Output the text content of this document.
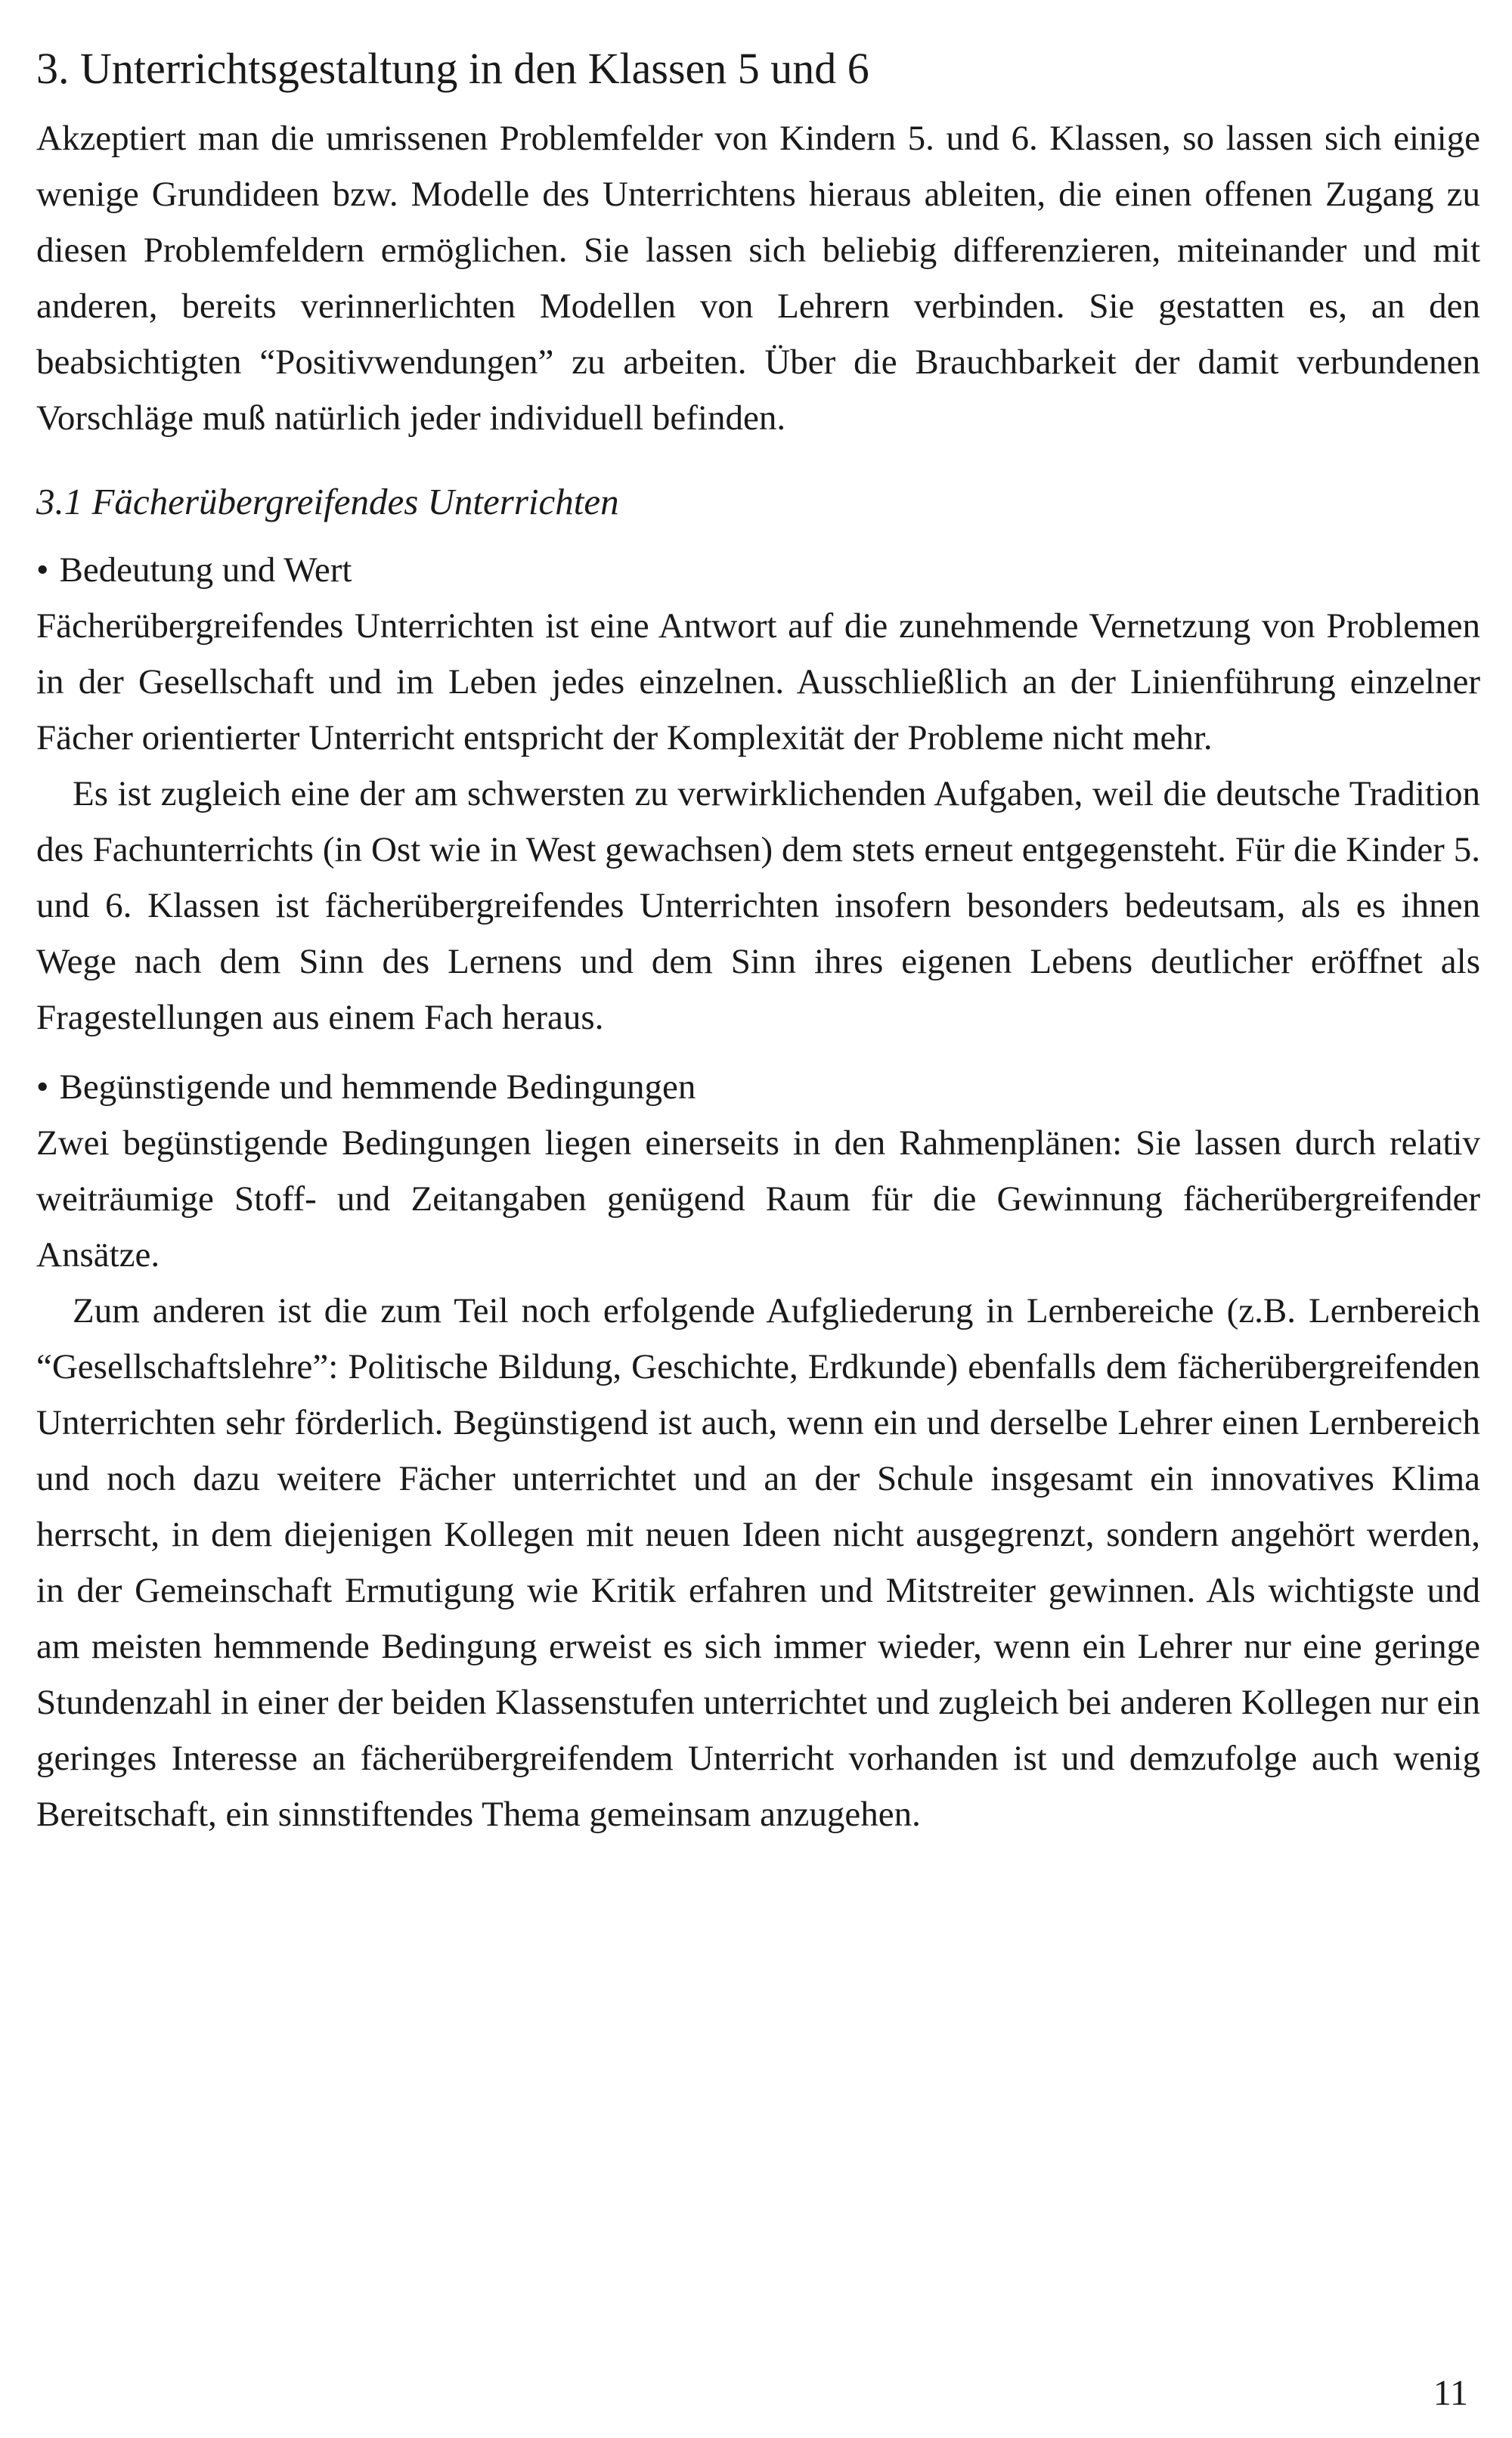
3. Unterrichtsgestaltung in den Klassen 5 und 6

Akzeptiert man die umrissenen Problemfelder von Kindern 5. und 6. Klassen, so lassen sich einige wenige Grundideen bzw. Modelle des Unterrichtens hieraus ableiten, die einen offenen Zugang zu diesen Problemfeldern ermöglichen. Sie lassen sich beliebig differenzieren, miteinander und mit anderen, bereits verinnerlichten Modellen von Lehrern verbinden. Sie gestatten es, an den beabsichtigten “Positivwendungen” zu arbeiten. Über die Brauchbarkeit der damit verbundenen Vorschläge muß natürlich jeder individuell befinden.

3.1 Fächerübergreifendes Unterrichten
• Bedeutung und Wert

Fächerübergreifendes Unterrichten ist eine Antwort auf die zunehmende Vernetzung von Problemen in der Gesellschaft und im Leben jedes einzelnen. Ausschließlich an der Linienführung einzelner Fächer orientierter Unterricht entspricht der Komplexität der Probleme nicht mehr.

Es ist zugleich eine der am schwersten zu verwirklichenden Aufgaben, weil die deutsche Tradition des Fachunterrichts (in Ost wie in West gewachsen) dem stets erneut entgegensteht. Für die Kinder 5. und 6. Klassen ist fächerübergreifendes Unterrichten insofern besonders bedeutsam, als es ihnen Wege nach dem Sinn des Lernens und dem Sinn ihres eigenen Lebens deutlicher eröffnet als Fragestellungen aus einem Fach heraus.

• Begünstigende und hemmende Bedingungen

Zwei begünstigende Bedingungen liegen einerseits in den Rahmenplänen: Sie lassen durch relativ weiträumige Stoff- und Zeitangaben genügend Raum für die Gewinnung fächerübergreifender Ansätze.

Zum anderen ist die zum Teil noch erfolgende Aufgliederung in Lernbereiche (z.B. Lernbereich “Gesellschaftslehre”: Politische Bildung, Geschichte, Erdkunde) ebenfalls dem fächerübergreifenden Unterrichten sehr förderlich. Begünstigend ist auch, wenn ein und derselbe Lehrer einen Lernbereich und noch dazu weitere Fächer unterrichtet und an der Schule insgesamt ein innovatives Klima herrscht, in dem diejenigen Kollegen mit neuen Ideen nicht ausgegrenzt, sondern angehört werden, in der Gemeinschaft Ermutigung wie Kritik erfahren und Mitstreiter gewinnen. Als wichtigste und am meisten hemmende Bedingung erweist es sich immer wieder, wenn ein Lehrer nur eine geringe Stundenzahl in einer der beiden Klassenstufen unterrichtet und zugleich bei anderen Kollegen nur ein geringes Interesse an fächerübergreifendem Unterricht vorhanden ist und demzufolge auch wenig Bereitschaft, ein sinnstiftendes Thema gemeinsam anzugehen.

11
